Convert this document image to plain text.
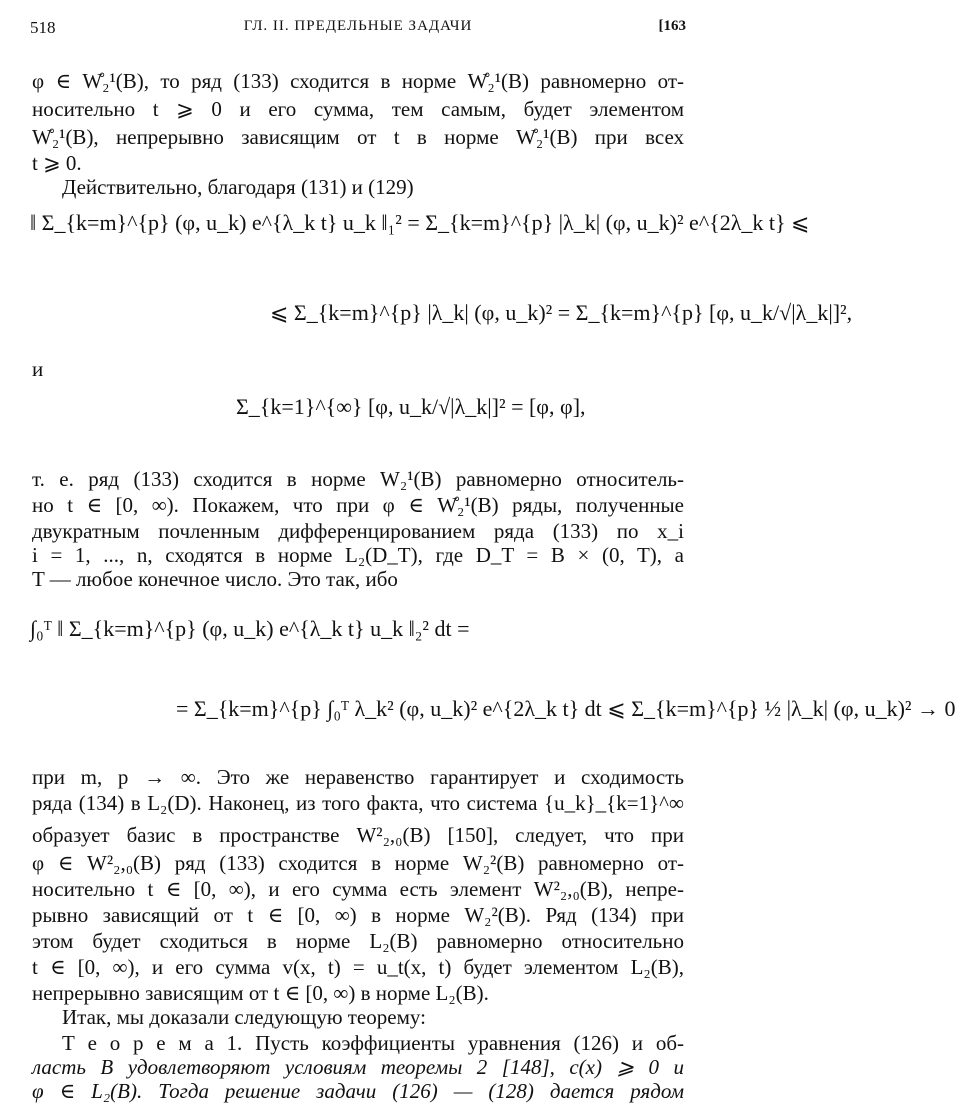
518	ГЛ. II. ПРЕДЕЛЬНЫЕ ЗАДАЧИ	[163
φ ∈ W̊₂¹(B), то ряд (133) сходится в норме W̊₂¹(B) равномерно от-
носительно t ⩾ 0 и его сумма, тем самым, будет элементом
W̊₂¹(B), непрерывно зависящим от t в норме W̊₂¹(B) при всех
t ⩾ 0.
Действительно, благодаря (131) и (129)
‖ Σ_{k=m}^{p} (φ, u_k) e^{λ_k t} u_k ‖₁² = Σ_{k=m}^{p} |λ_k| (φ, u_k)² e^{2λ_k t} ⩽
⩽ Σ_{k=m}^{p} |λ_k| (φ, u_k)² = Σ_{k=m}^{p} [φ, u_k/√|λ_k|]²,
и
Σ_{k=1}^{∞} [φ, u_k/√|λ_k|]² = [φ, φ],
т. е. ряд (133) сходится в норме W₂¹(B) равномерно относитель-
но t ∈ [0, ∞). Покажем, что при φ ∈ W̊₂¹(B) ряды, полученные
двукратным почленным дифференцированием ряда (133) по x_i
i = 1, ..., n, сходятся в норме L₂(D_T), где D_T = B × (0, T), а
T — любое конечное число. Это так, ибо
∫₀ᵀ ‖ Σ_{k=m}^{p} (φ, u_k) e^{λ_k t} u_k ‖₂² dt =
= Σ_{k=m}^{p} ∫₀ᵀ λ_k² (φ, u_k)² e^{2λ_k t} dt ⩽ Σ_{k=m}^{p} ½ |λ_k| (φ, u_k)² → 0
при m, p → ∞. Это же неравенство гарантирует и сходимость
ряда (134) в L₂(D). Наконец, из того факта, что система {u_k}_{k=1}^∞
образует базис в пространстве W²₂,₀(B) [150], следует, что при
φ ∈ W²₂,₀(B) ряд (133) сходится в норме W₂²(B) равномерно от-
носительно t ∈ [0, ∞), и его сумма есть элемент W²₂,₀(B), непре-
рывно зависящий от t ∈ [0, ∞) в норме W₂²(B). Ряд (134) при
этом будет сходиться в норме L₂(B) равномерно относительно
t ∈ [0, ∞), и его сумма v(x, t) = u_t(x, t) будет элементом L₂(B),
непрерывно зависящим от t ∈ [0, ∞) в норме L₂(B).
Итак, мы доказали следующую теорему:
Т е о р е м а 1. Пусть коэффициенты уравнения (126) и об-
ласть B удовлетворяют условиям теоремы 2 [148], c(x) ⩾ 0 и
φ ∈ L₂(B). Тогда решение задачи (126) — (128) дается рядом
